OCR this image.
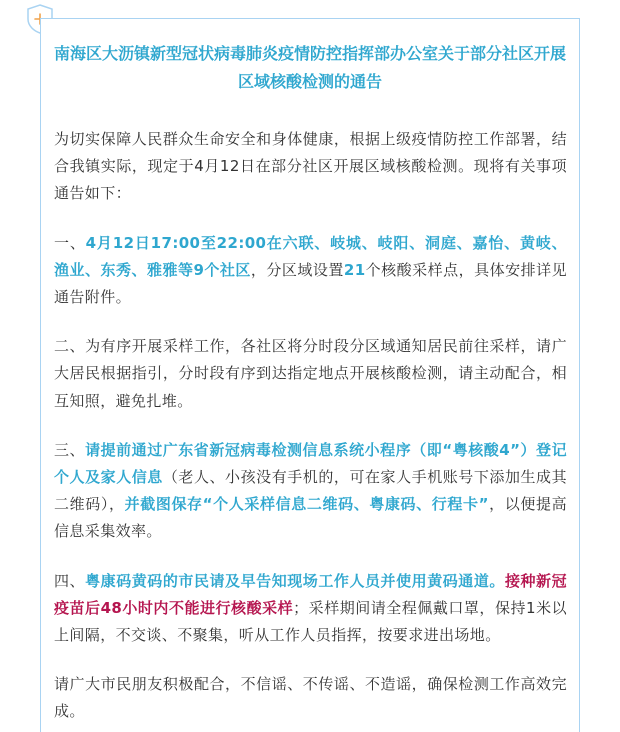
南海区大沥镇新型冠状病毒肺炎疫情防控指挥部办公室关于部分社区开展区域核酸检测的通告

为切实保障人民群众生命安全和身体健康，根据上级疫情防控工作部署，结合我镇实际，现定于4月12日在部分社区开展区域核酸检测。现将有关事项通告如下：

一、4月12日17:00至22:00在六联、岐城、岐阳、洞庭、嘉怡、黄岐、渔业、东秀、雅雅等9个社区，分区域设置21个核酸采样点，具体安排详见通告附件。

二、为有序开展采样工作，各社区将分时段分区域通知居民前往采样，请广大居民根据指引，分时段有序到达指定地点开展核酸检测，请主动配合，相互知照，避免扎堆。

三、请提前通过广东省新冠病毒检测信息系统小程序（即“粤核酸4”）登记个人及家人信息（老人、小孩没有手机的，可在家人手机账号下添加生成其二维码），并截图保存“个人采样信息二维码、粤康码、行程卡”，以便提高信息采集效率。

四、粤康码黄码的市民请及早告知现场工作人员并使用黄码通道。接种新冠疫苗后48小时内不能进行核酸采样；采样期间请全程佩戴口罩，保持1米以上间隔，不交谈、不聚集，听从工作人员指挥，按要求进出场地。

请广大市民朋友积极配合，不信谣、不传谣、不造谣，确保检测工作高效完成。
